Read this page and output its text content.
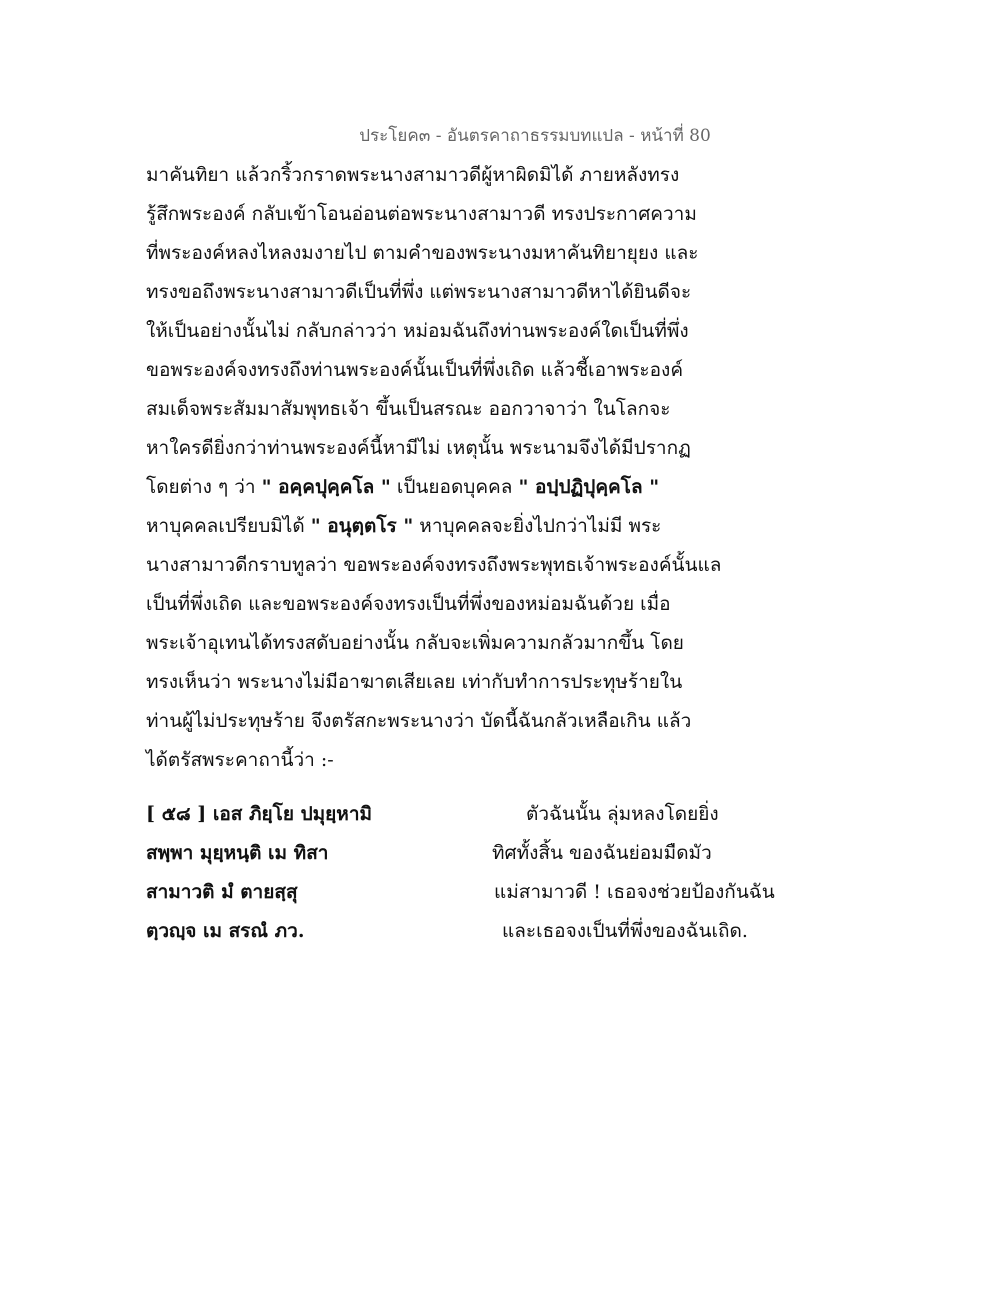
ประโยค๓ - อันตรคาถาธรรมบทแปล - หน้าที่ 80
มาคันทิยา แล้วกริ้วกราดพระนางสามาวดีผู้หาผิดมิได้ ภายหลังทรง
รู้สึกพระองค์ กลับเข้าโอนอ่อนต่อพระนางสามาวดี ทรงประกาศความ
ที่พระองค์หลงไหลงมงายไป ตามคำของพระนางมหาคันทิยายุยง และ
ทรงขอถึงพระนางสามาวดีเป็นที่พึ่ง แต่พระนางสามาวดีหาได้ยินดีจะ
ให้เป็นอย่างนั้นไม่ กลับกล่าวว่า หม่อมฉันถึงท่านพระองค์ใดเป็นที่พึ่ง
ขอพระองค์จงทรงถึงท่านพระองค์นั้นเป็นที่พึ่งเถิด แล้วชี้เอาพระองค์
สมเด็จพระสัมมาสัมพุทธเจ้า ขึ้นเป็นสรณะ ออกวาจาว่า ในโลกจะ
หาใครดียิ่งกว่าท่านพระองค์นี้หามีไม่ เหตุนั้น พระนามจึงได้มีปรากฏ
โดยต่าง ๆ ว่า " อคฺคปุคฺคโล " เป็นยอดบุคคล " อปฺปฏิปุคฺคโล "
หาบุคคลเปรียบมิได้ " อนุตฺตโร " หาบุคคลจะยิ่งไปกว่าไม่มี พระ
นางสามาวดีกราบทูลว่า ขอพระองค์จงทรงถึงพระพุทธเจ้าพระองค์นั้นแล
เป็นที่พึ่งเถิด และขอพระองค์จงทรงเป็นที่พึ่งของหม่อมฉันด้วย เมื่อ
พระเจ้าอุเทนได้ทรงสดับอย่างนั้น กลับจะเพิ่มความกลัวมากขึ้น โดย
ทรงเห็นว่า พระนางไม่มีอาฆาตเสียเลย เท่ากับทำการประทุษร้ายใน
ท่านผู้ไม่ประทุษร้าย จึงตรัสกะพระนางว่า บัดนี้ฉันกลัวเหลือเกิน แล้ว
ได้ตรัสพระคาถานี้ว่า :-
[ ๕๘ ] เอส ภิยฺโย ปมุยฺหามิ	ตัวฉันนั้น ลุ่มหลงโดยยิ่ง
สพฺพา มุยฺหนฺติ เม ทิสา	ทิศทั้งสิ้น ของฉันย่อมมืดมัว
สามาวติ มํ ตายสฺสุ	แม่สามาวดี ! เธอจงช่วยป้องกันฉัน
ตฺวญฺจ เม สรณํ ภว.	และเธอจงเป็นที่พึ่งของฉันเถิด.
